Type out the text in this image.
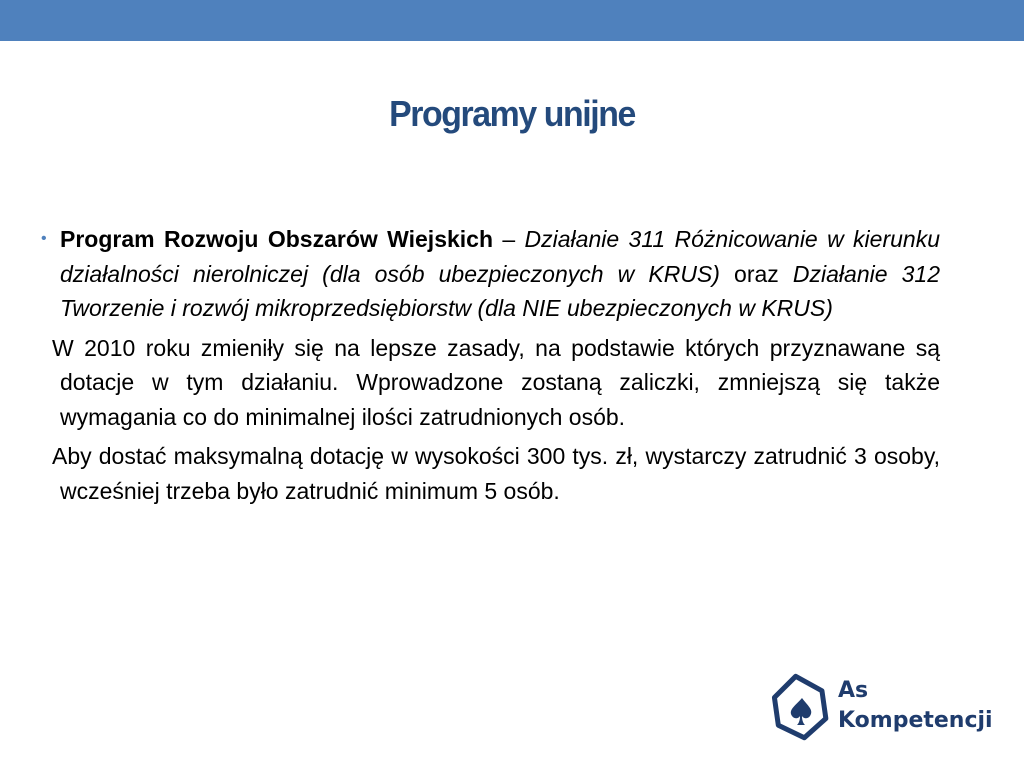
Programy unijne

• Program Rozwoju Obszarów Wiejskich – Działanie 311 Różnicowanie w kierunku działalności nierolniczej (dla osób ubezpieczonych w KRUS) oraz Działanie 312 Tworzenie i rozwój mikroprzedsiębiorstw (dla NIE ubezpieczonych w KRUS)

W 2010 roku zmieniły się na lepsze zasady, na podstawie których przyznawane są dotacje w tym działaniu. Wprowadzone zostaną zaliczki, zmniejszą się także wymagania co do minimalnej ilości zatrudnionych osób.

Aby dostać maksymalną dotację w wysokości 300 tys. zł, wystarczy zatrudnić 3 osoby, wcześniej trzeba było zatrudnić minimum 5 osób.

As
Kompetencji
